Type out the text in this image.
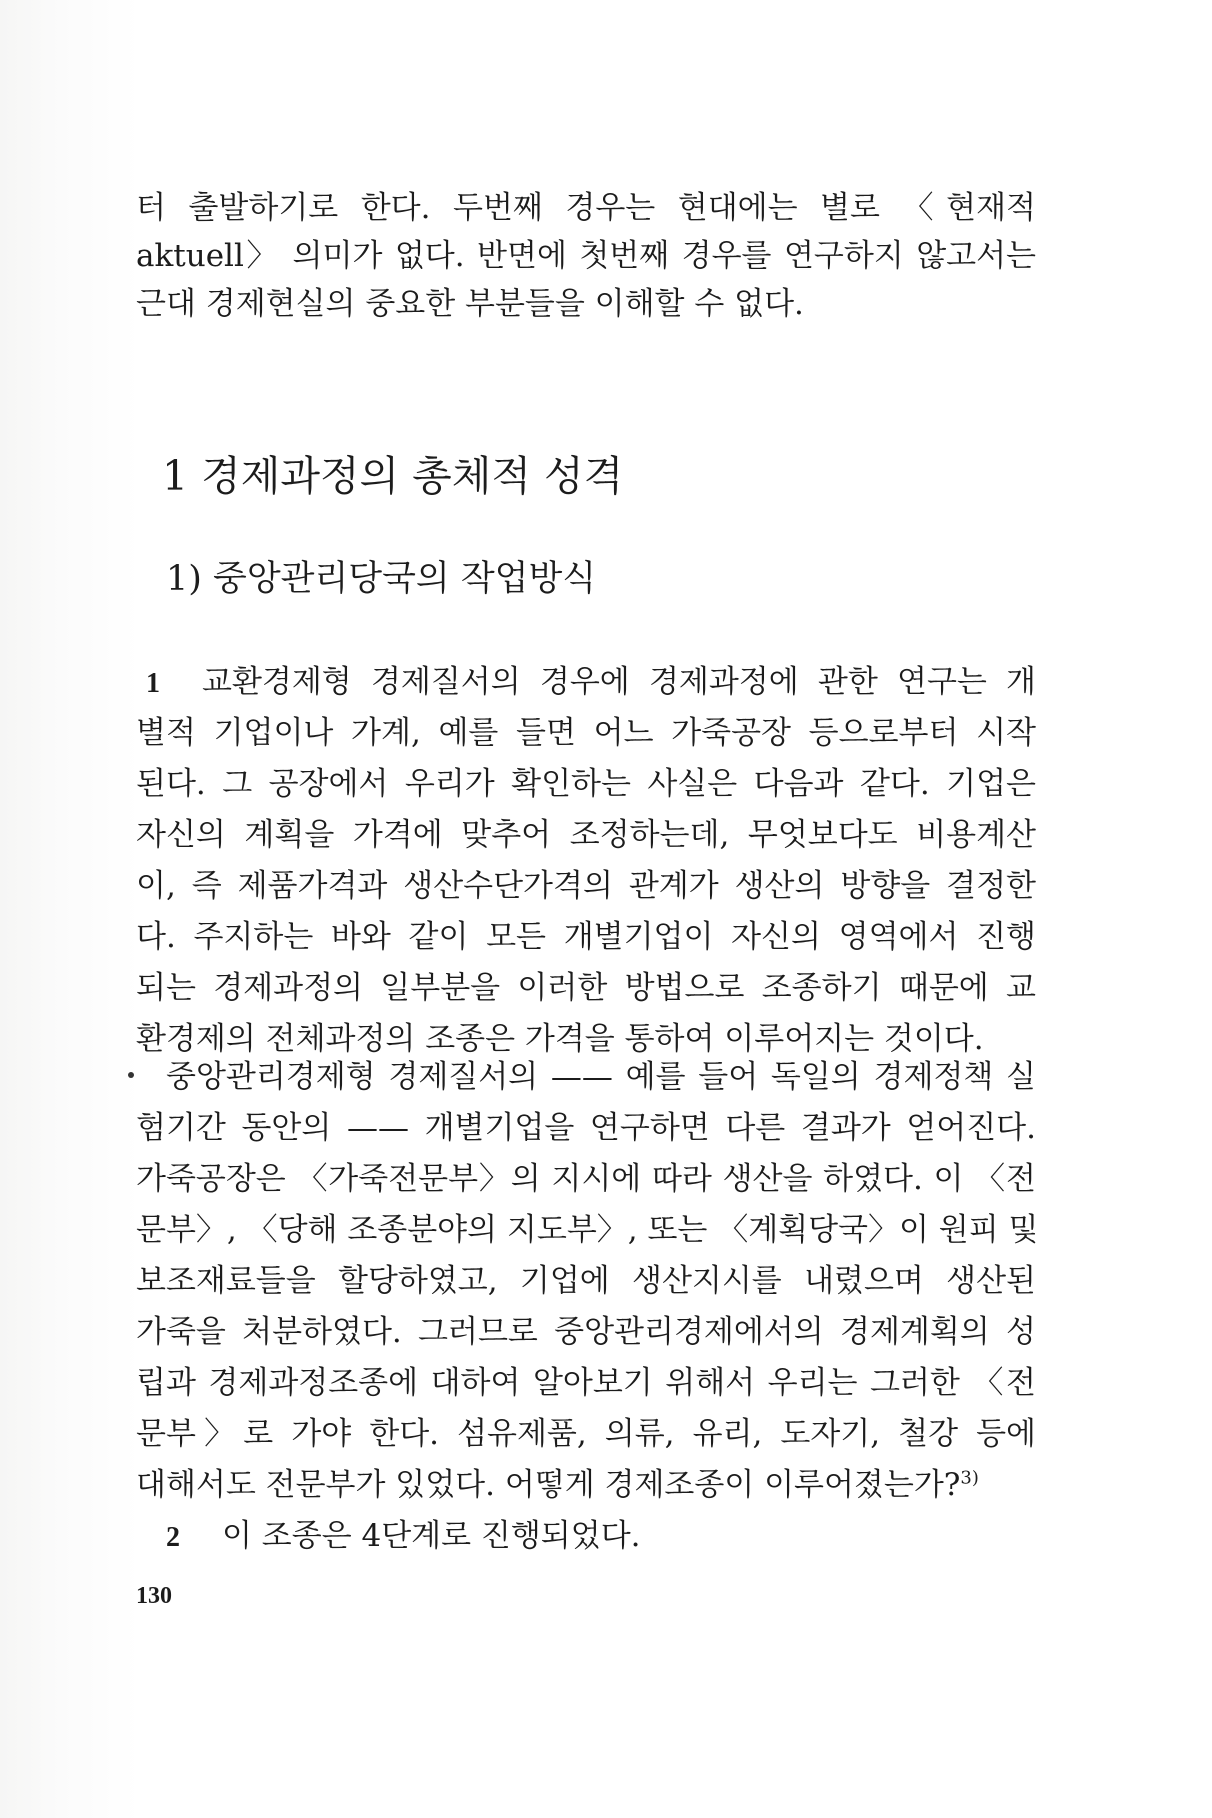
터 출발하기로 한다. 두번째 경우는 현대에는 별로 〈현재적
aktuell〉 의미가 없다. 반면에 첫번째 경우를 연구하지 않고서는
근대 경제현실의 중요한 부분들을 이해할 수 없다.
1 경제과정의 총체적 성격
1) 중앙관리당국의 작업방식
1 교환경제형 경제질서의 경우에 경제과정에 관한 연구는 개
별적 기업이나 가계, 예를 들면 어느 가죽공장 등으로부터 시작
된다. 그 공장에서 우리가 확인하는 사실은 다음과 같다. 기업은
자신의 계획을 가격에 맞추어 조정하는데, 무엇보다도 비용계산
이, 즉 제품가격과 생산수단가격의 관계가 생산의 방향을 결정한
다. 주지하는 바와 같이 모든 개별기업이 자신의 영역에서 진행
되는 경제과정의 일부분을 이러한 방법으로 조종하기 때문에 교
환경제의 전체과정의 조종은 가격을 통하여 이루어지는 것이다.
중앙관리경제형 경제질서의 —— 예를 들어 독일의 경제정책 실
험기간 동안의 —— 개별기업을 연구하면 다른 결과가 얻어진다.
가죽공장은 〈가죽전문부〉의 지시에 따라 생산을 하였다. 이 〈전
문부〉, 〈당해 조종분야의 지도부〉, 또는 〈계획당국〉이 원피 및
보조재료들을 할당하였고, 기업에 생산지시를 내렸으며 생산된
가죽을 처분하였다. 그러므로 중앙관리경제에서의 경제계획의 성
립과 경제과정조종에 대하여 알아보기 위해서 우리는 그러한 〈전
문부〉로 가야 한다. 섬유제품, 의류, 유리, 도자기, 철강 등에
대해서도 전문부가 있었다. 어떻게 경제조종이 이루어졌는가?$^{3)}$
2 이 조종은 4단계로 진행되었다.
130
